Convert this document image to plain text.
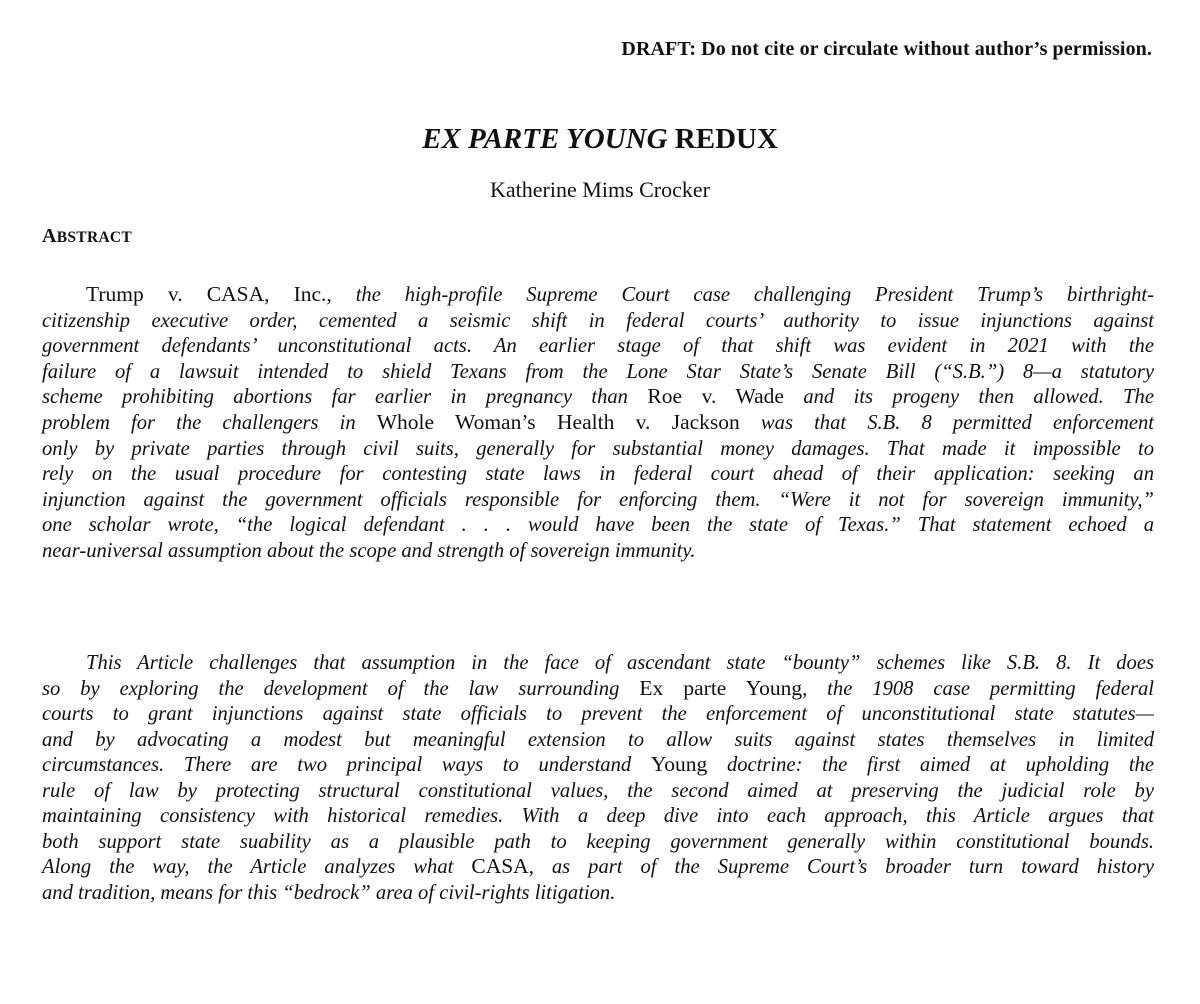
DRAFT: Do not cite or circulate without author’s permission.
EX PARTE YOUNG REDUX
Katherine Mims Crocker
ABSTRACT
Trump v. CASA, Inc., the high-profile Supreme Court case challenging President Trump’s birthright-
citizenship executive order, cemented a seismic shift in federal courts’ authority to issue injunctions against
government defendants’ unconstitutional acts. An earlier stage of that shift was evident in 2021 with the
failure of a lawsuit intended to shield Texans from the Lone Star State’s Senate Bill (“S.B.”) 8—a statutory
scheme prohibiting abortions far earlier in pregnancy than Roe v. Wade and its progeny then allowed. The
problem for the challengers in Whole Woman’s Health v. Jackson was that S.B. 8 permitted enforcement
only by private parties through civil suits, generally for substantial money damages. That made it impossible to
rely on the usual procedure for contesting state laws in federal court ahead of their application: seeking an
injunction against the government officials responsible for enforcing them. “Were it not for sovereign immunity,”
one scholar wrote, “the logical defendant . . . would have been the state of Texas.” That statement echoed a
near-universal assumption about the scope and strength of sovereign immunity.
This Article challenges that assumption in the face of ascendant state “bounty” schemes like S.B. 8. It does
so by exploring the development of the law surrounding Ex parte Young, the 1908 case permitting federal
courts to grant injunctions against state officials to prevent the enforcement of unconstitutional state statutes—
and by advocating a modest but meaningful extension to allow suits against states themselves in limited
circumstances. There are two principal ways to understand Young doctrine: the first aimed at upholding the
rule of law by protecting structural constitutional values, the second aimed at preserving the judicial role by
maintaining consistency with historical remedies. With a deep dive into each approach, this Article argues that
both support state suability as a plausible path to keeping government generally within constitutional bounds.
Along the way, the Article analyzes what CASA, as part of the Supreme Court’s broader turn toward history
and tradition, means for this “bedrock” area of civil-rights litigation.
